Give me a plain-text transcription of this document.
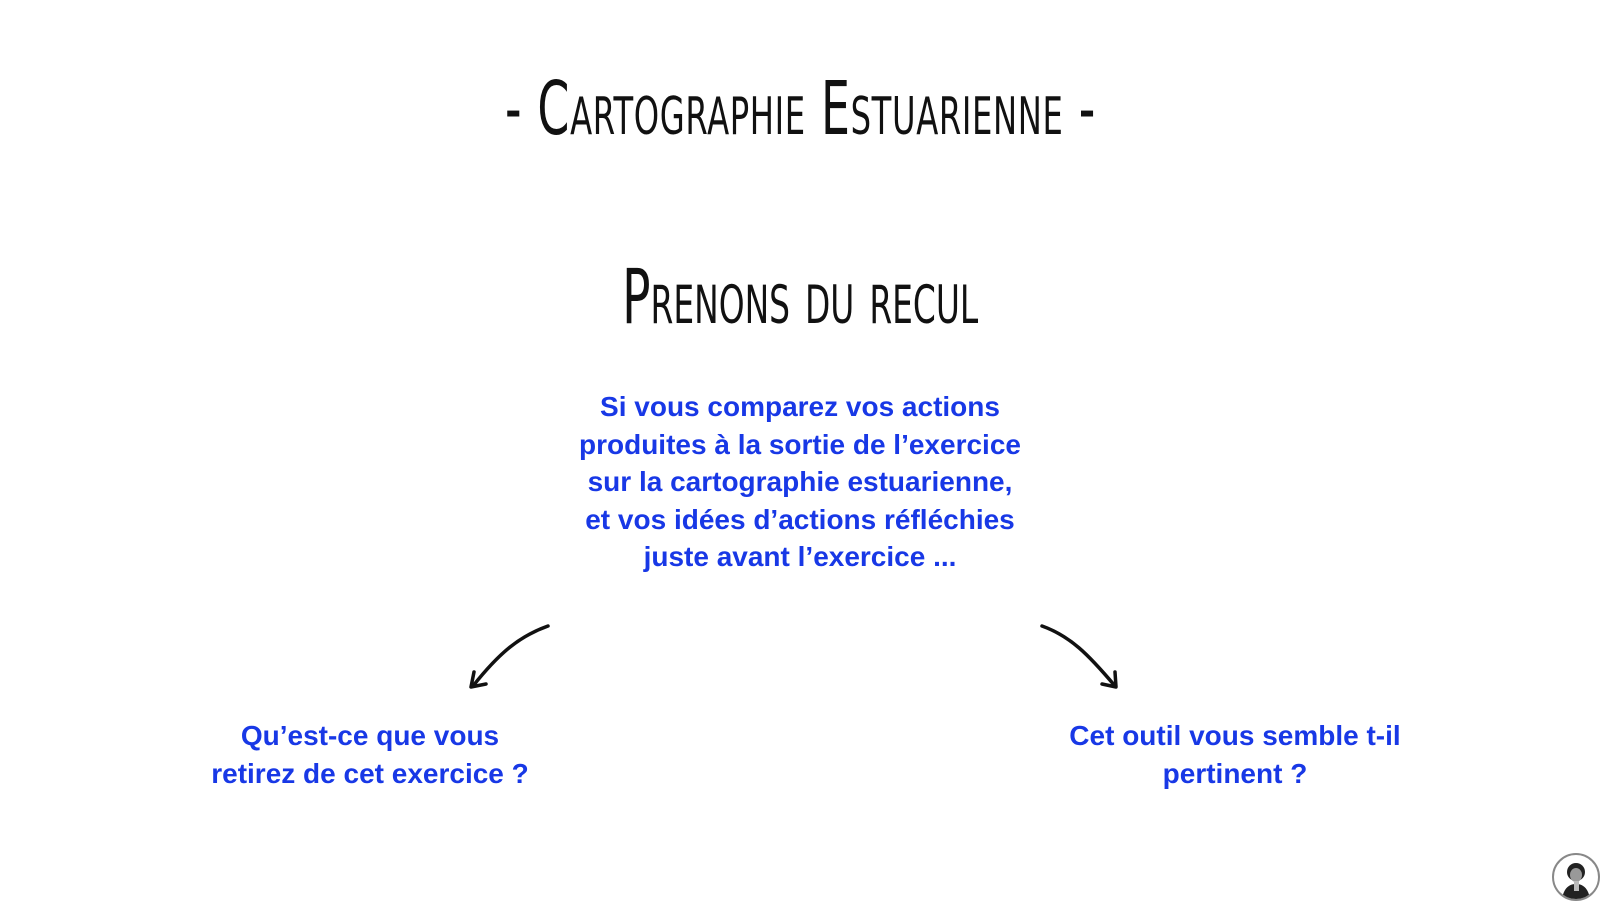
- Cartographie Estuarienne -
Prenons du recul
Si vous comparez vos actions
produites à la sortie de l’exercice
sur la cartographie estuarienne,
et vos idées d’actions réfléchies
juste avant l’exercice ...
Qu’est-ce que vous
retirez de cet exercice ?
Cet outil vous semble t-il
pertinent ?
